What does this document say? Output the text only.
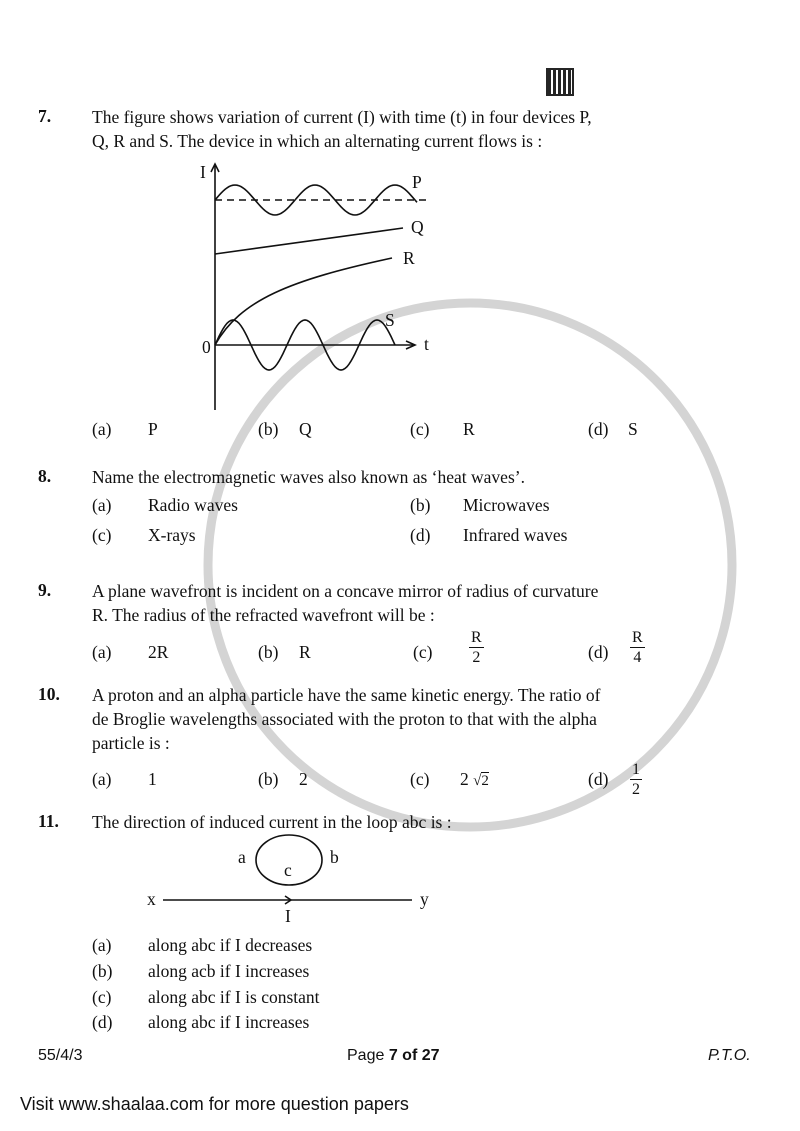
7. The figure shows variation of current (I) with time (t) in four devices P,
Q, R and S. The device in which an alternating current flows is :
I
t
0
P
Q
R
S
(a) P	(b) Q	(c) R	(d) S
8. Name the electromagnetic waves also known as ‘heat waves’.
(a) Radio waves	(b) Microwaves
(c) X-rays	(d) Infrared waves
9. A plane wavefront is incident on a concave mirror of radius of curvature
R. The radius of the refracted wavefront will be :
(a) 2R	(b) R	$(c) \frac{R}{2}$	$(d) \frac{R}{4}$
10. A proton and an alpha particle have the same kinetic energy. The ratio of
de Broglie wavelengths associated with the proton to that with the alpha
particle is :
(a) 1	(b) 2	(c) 2 √2	$(d) \frac{1}{2}$
11. The direction of induced current in the loop abc is :
a	b
c
x	y
I
(a) along abc if I decreases
(b) along acb if I increases
(c) along abc if I is constant
(d) along abc if I increases
55/4/3	Page 7 of 27	P.T.O.
Visit www.shaalaa.com for more question papers
